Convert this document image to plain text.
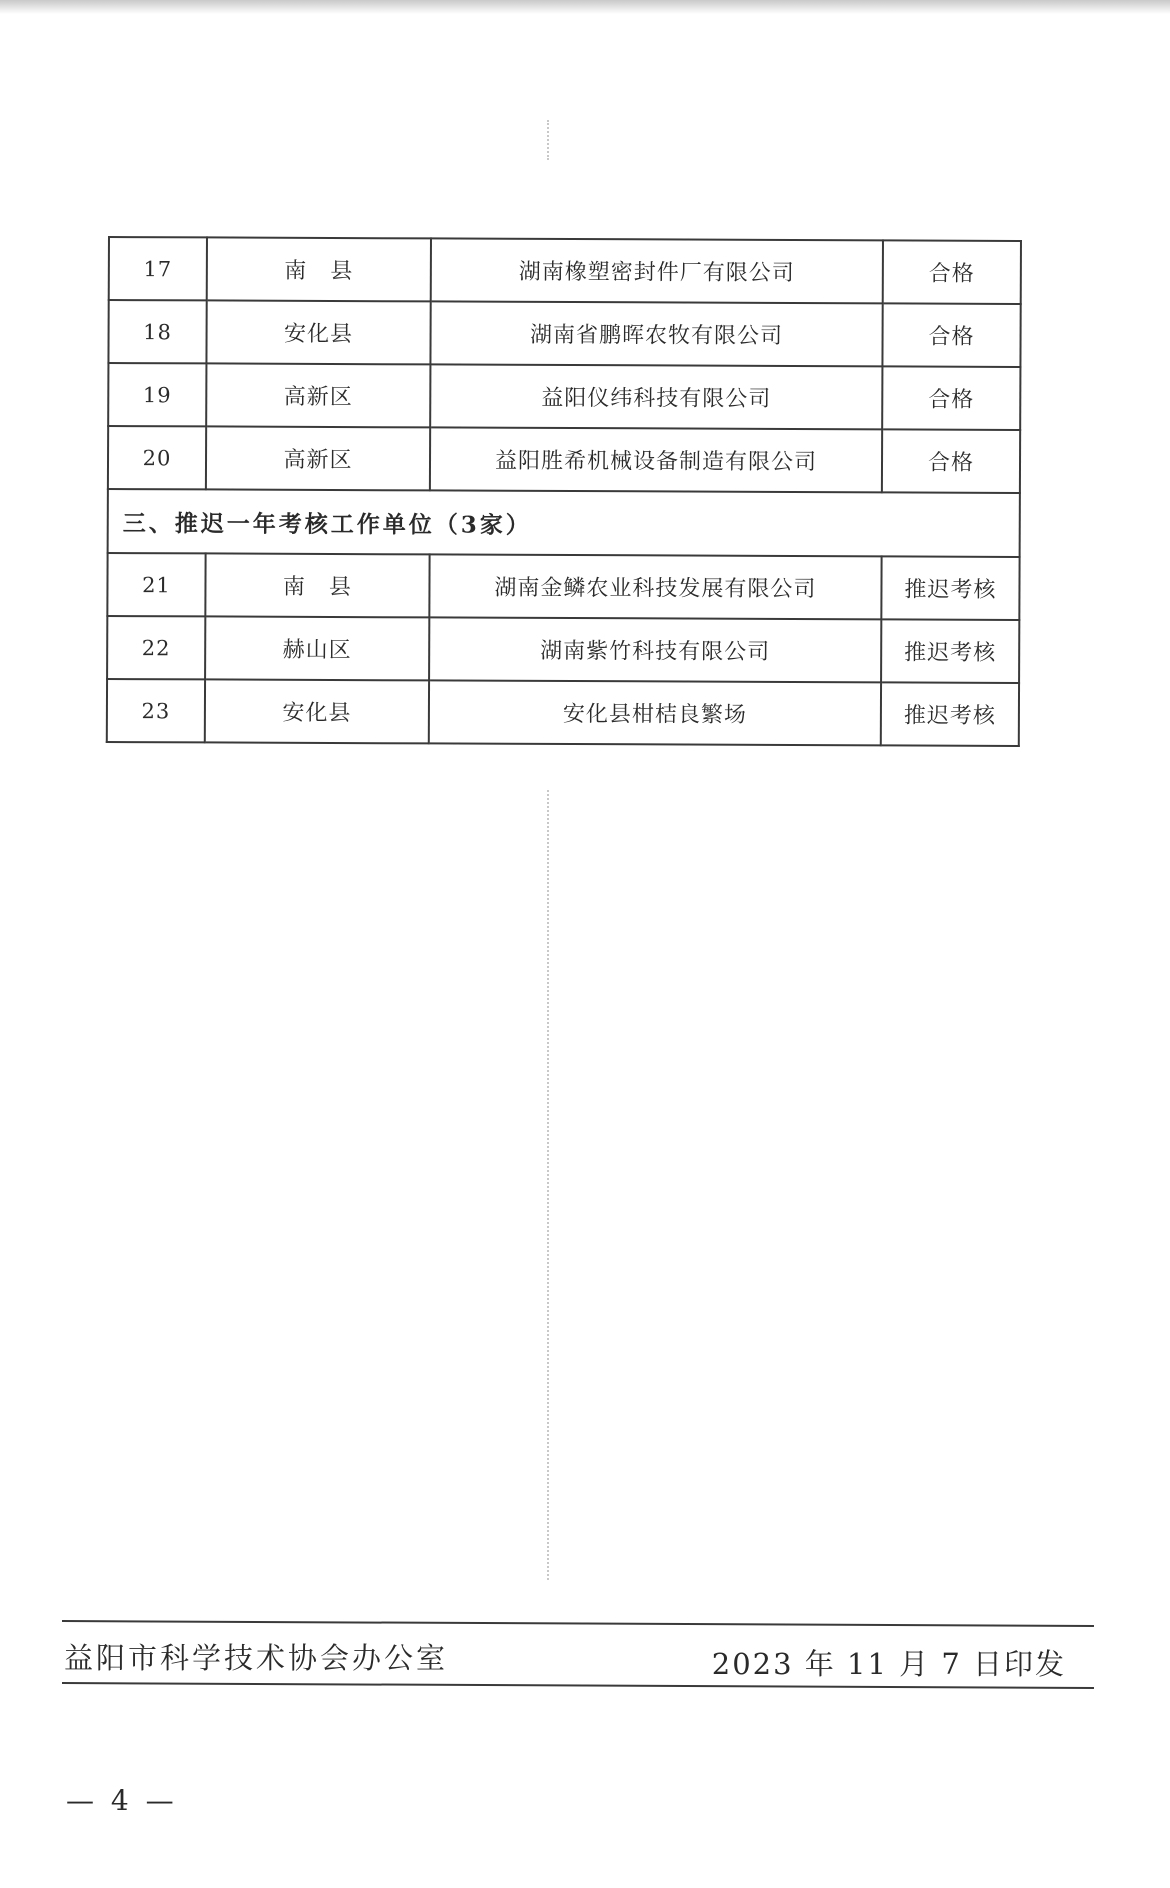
17	南　县	湖南橡塑密封件厂有限公司	合格
18	安化县	湖南省鹏晖农牧有限公司	合格
19	高新区	益阳仪纬科技有限公司	合格
20	高新区	益阳胜希机械设备制造有限公司	合格
三、推迟一年考核工作单位（3家）			
21	南　县	湖南金鳞农业科技发展有限公司	推迟考核
22	赫山区	湖南紫竹科技有限公司	推迟考核
23	安化县	安化县柑桔良繁场	推迟考核
益阳市科学技术协会办公室	2023 年 11 月 7 日印发
— 4 —
